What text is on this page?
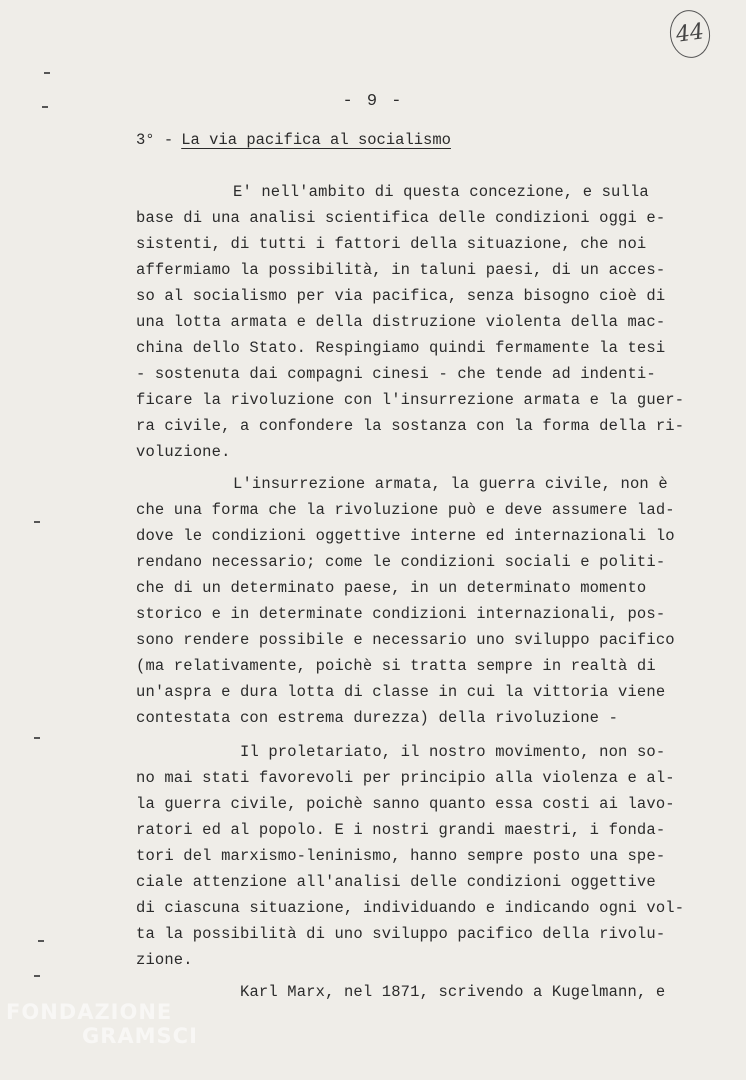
44
- 9 -
3° - La via pacifica al socialismo
E' nell'ambito di questa concezione, e sulla
base di una analisi scientifica delle condizioni oggi e-
sistenti, di tutti i fattori della situazione, che noi
affermiamo la possibilità, in taluni paesi, di un acces-
so al socialismo per via pacifica, senza bisogno cioè di
una lotta armata e della distruzione violenta della mac-
china dello Stato. Respingiamo quindi fermamente la tesi
- sostenuta dai compagni cinesi - che tende ad indenti-
ficare la rivoluzione con l'insurrezione armata e la guer-
ra civile, a confondere la sostanza con la forma della ri-
voluzione.
L'insurrezione armata, la guerra civile, non è
che una forma che la rivoluzione può e deve assumere lad-
dove le condizioni oggettive interne ed internazionali lo
rendano necessario; come le condizioni sociali e politi-
che di un determinato paese, in un determinato momento
storico e in determinate condizioni internazionali, pos-
sono rendere possibile e necessario uno sviluppo pacifico
(ma relativamente, poichè si tratta sempre in realtà di
un'aspra e dura lotta di classe in cui la vittoria viene
contestata con estrema durezza) della rivoluzione -
Il proletariato, il nostro movimento, non so-
no mai stati favorevoli per principio alla violenza e al-
la guerra civile, poichè sanno quanto essa costi ai lavo-
ratori ed al popolo. E i nostri grandi maestri, i fonda-
tori del marxismo-leninismo, hanno sempre posto una spe-
ciale attenzione all'analisi delle condizioni oggettive
di ciascuna situazione, individuando e indicando ogni vol-
ta la possibilità di uno sviluppo pacifico della rivolu-
zione.
Karl Marx, nel 1871, scrivendo a Kugelmann, e
FONDAZIONE
GRAMSCI
